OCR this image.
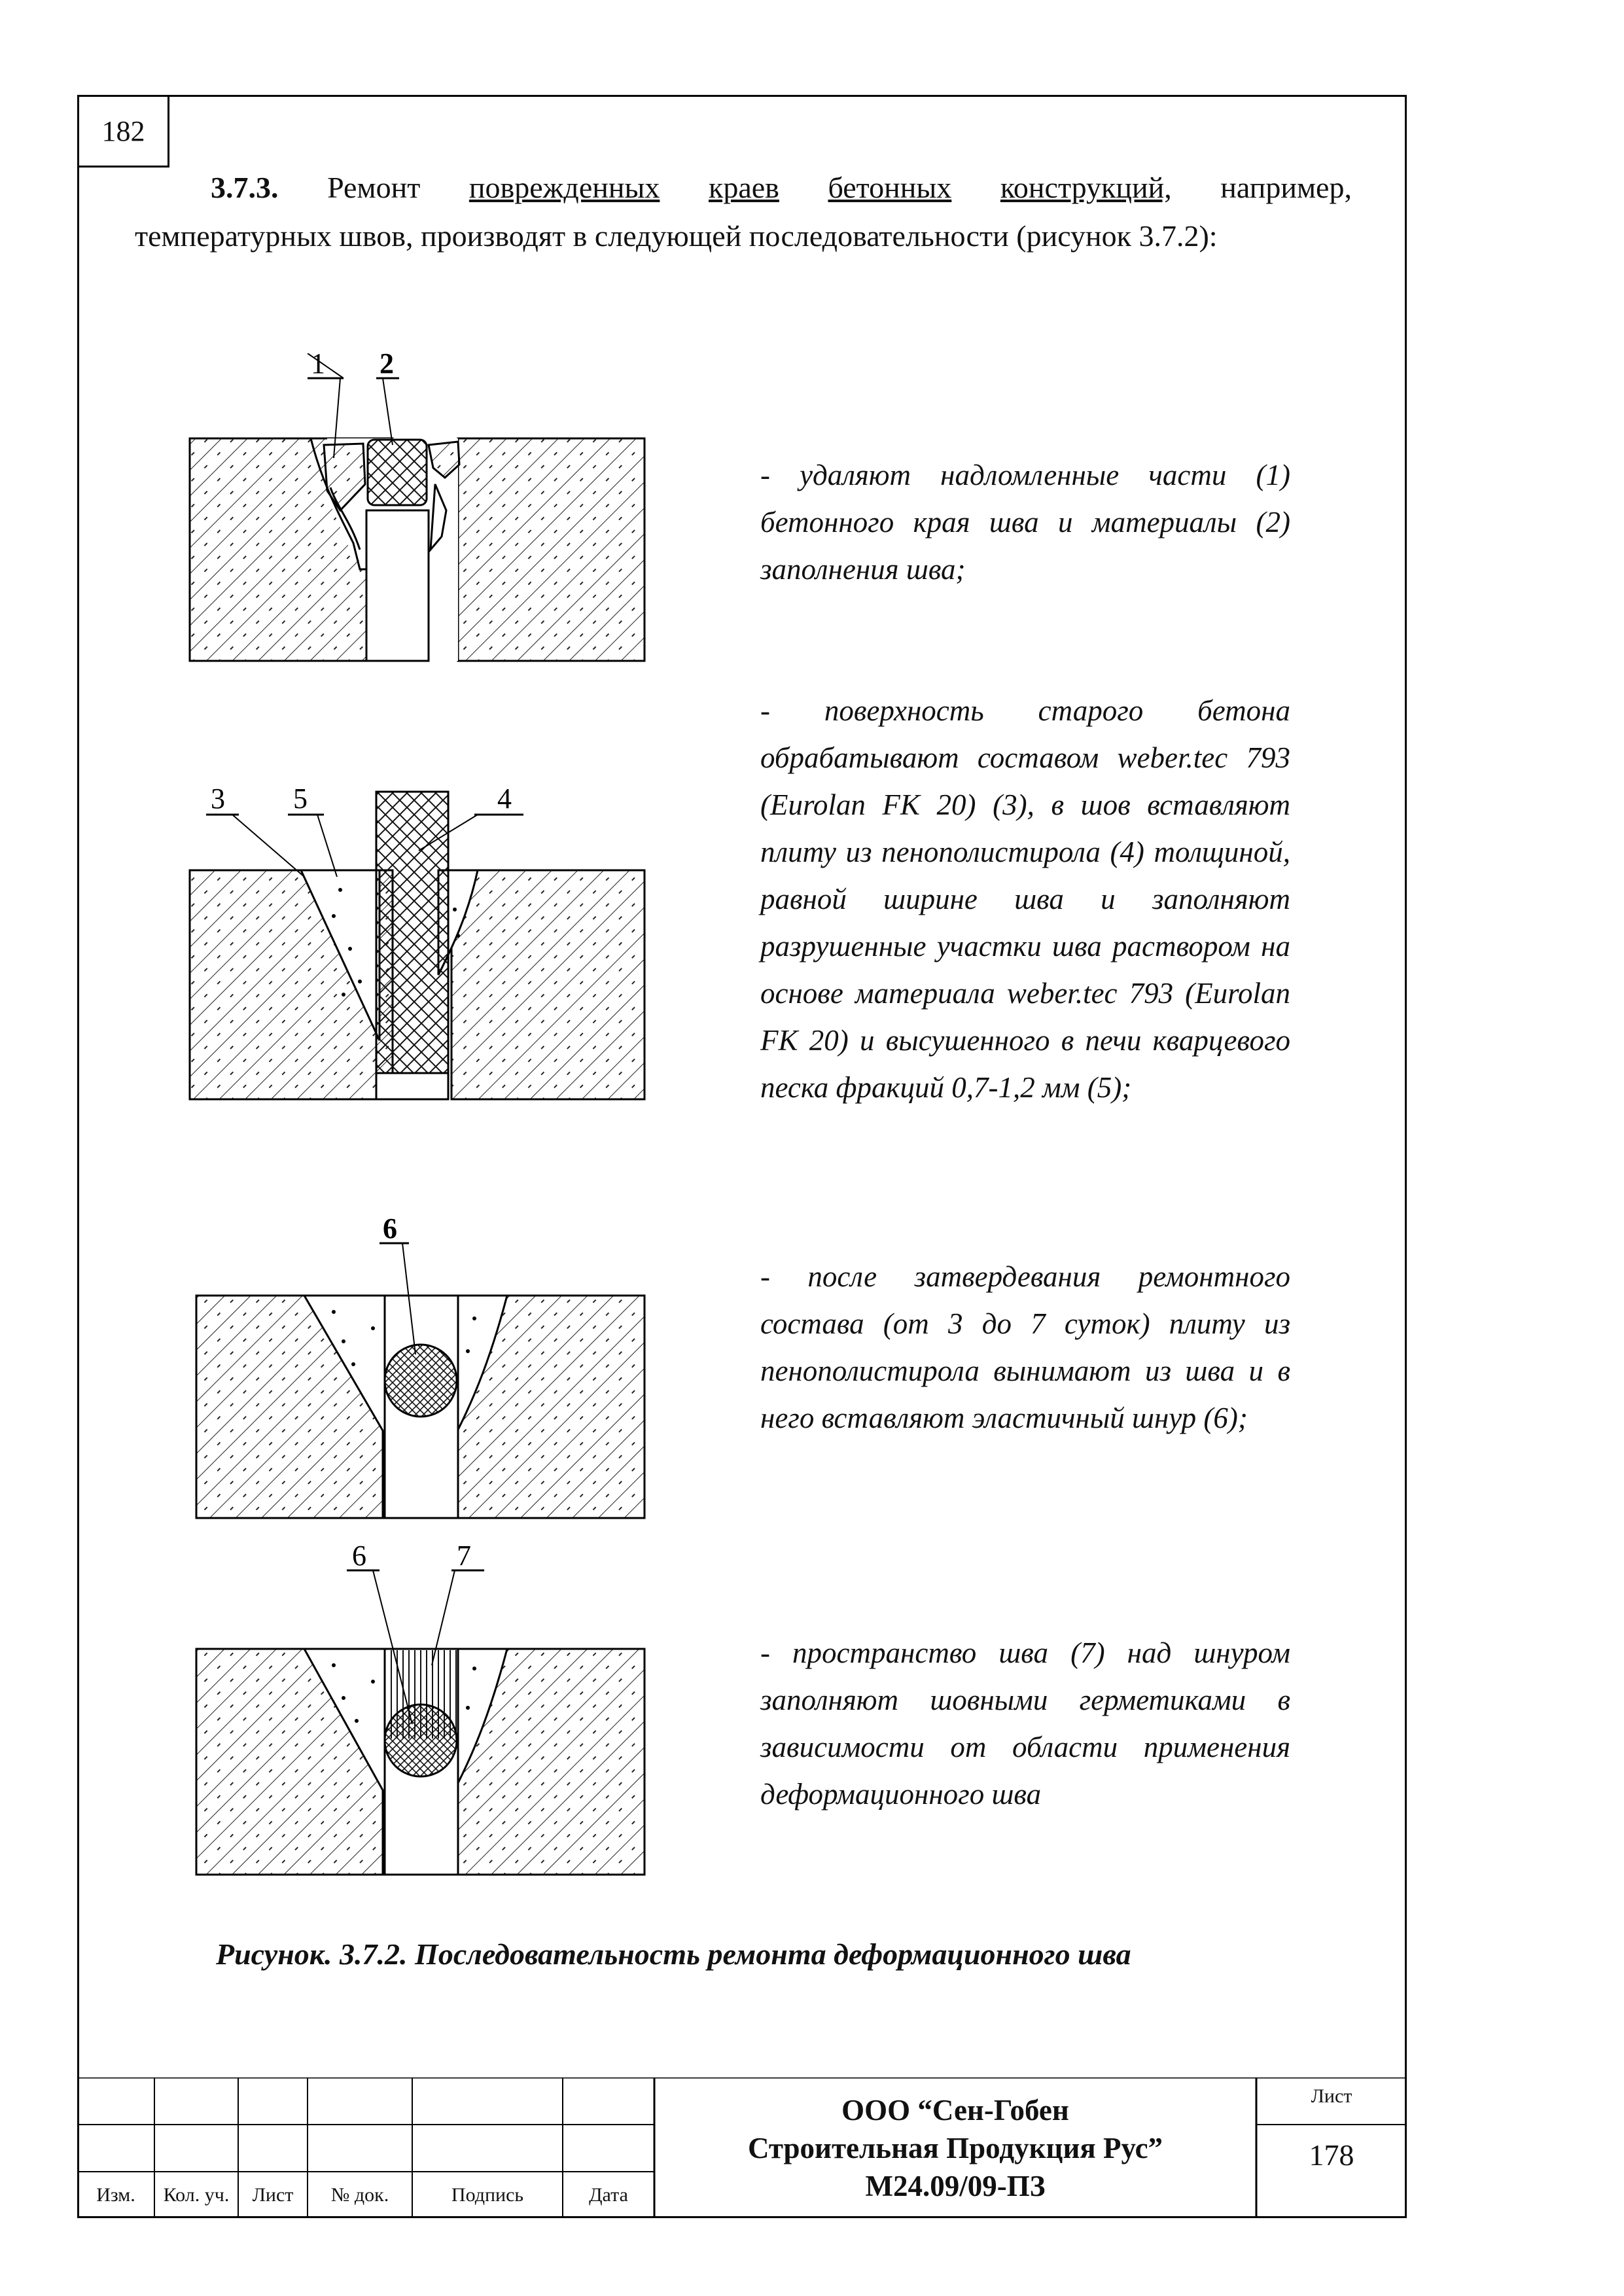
182
3.7.3. Ремонт поврежденных краев бетонных конструкций, например,
температурных швов, производят в следующей последовательности (рисунок 3.7.2):
1 2
3 5	4
6
6	7

- удаляют надломленные части (1) бетонного края шва и материалы (2) заполнения шва;

- поверхность старого бетона обрабатывают составом weber.tec 793 (Eurolan FK 20) (3), в шов вставляют плиту из пенополистирола (4) толщиной, равной ширине шва и заполняют разрушенные участки шва раствором на основе материала weber.tec 793 (Eurolan FK 20) и высушенного в печи кварцевого песка фракций 0,7-1,2 мм (5);

- после затвердевания ремонтного состава (от 3 до 7 суток) плиту из пенополистирола вынимают из шва и в него вставляют эластичный шнур (6);

- пространство шва (7) над шнуром заполняют шовными герметиками в зависимости от области применения деформационного шва

Рисунок. 3.7.2. Последовательность ремонта деформационного шва
Изм.	Кол. уч.	Лист	№ док.	Подпись	Дата
ООО “Сен-Гобен
Строительная Продукция Рус”
М24.09/09-ПЗ
Лист
178
